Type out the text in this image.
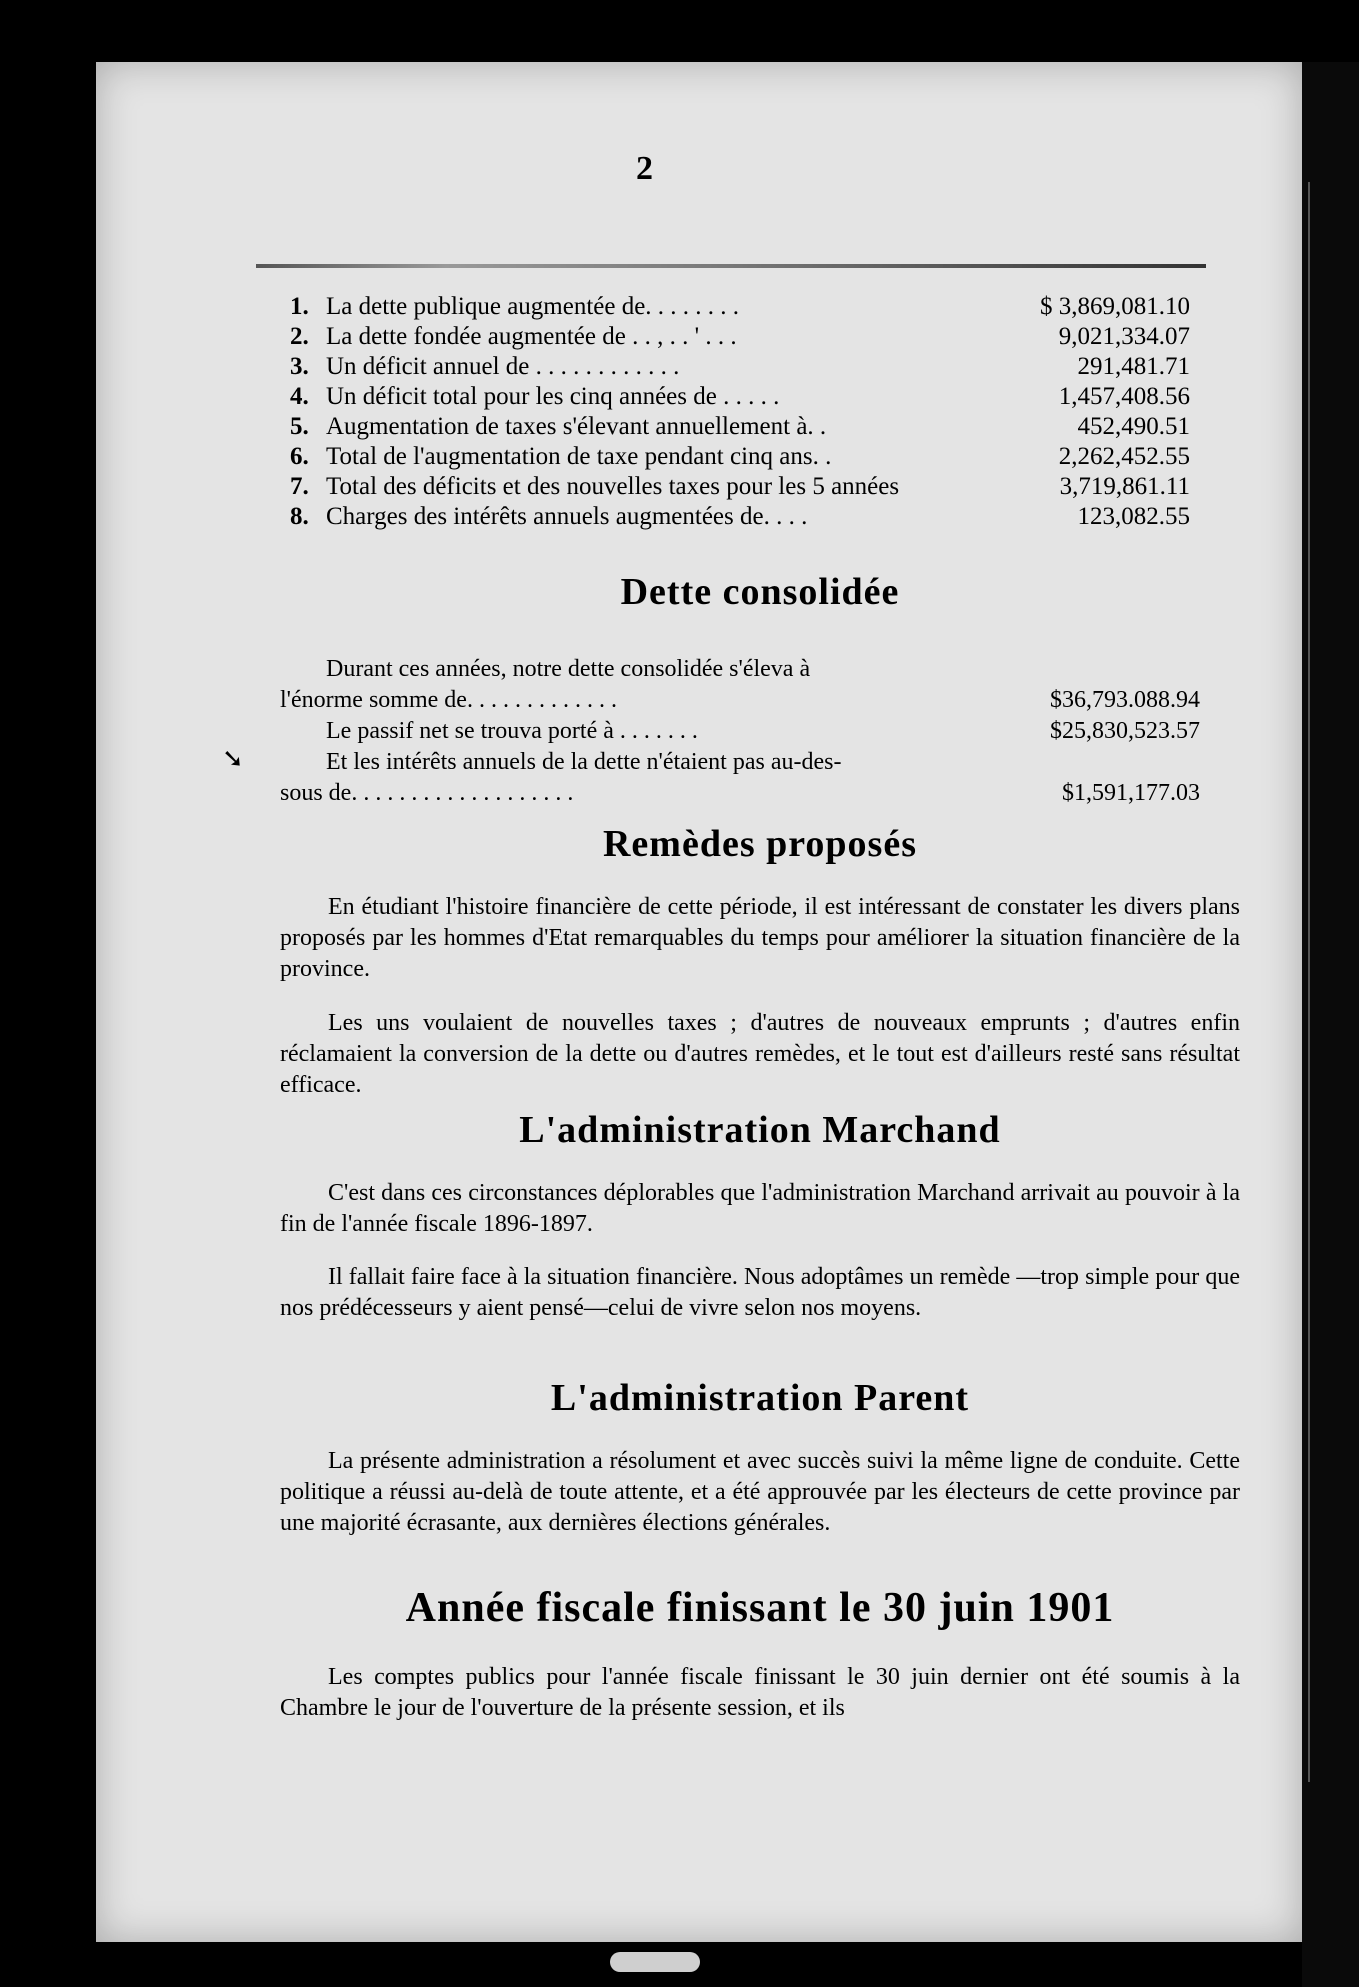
2
1. La dette publique augmentée de. . . . . . . .	$ 3,869,081.10
2. La dette fondée augmentée de . . , . . ' . . .	9,021,334.07
3. Un déficit annuel de . . . . . . . . . . . .	291,481.71
4. Un déficit total pour les cinq années de . . . . .	1,457,408.56
5. Augmentation de taxes s'élevant annuellement à. .	452,490.51
6. Total de l'augmentation de taxe pendant cinq ans. .	2,262,452.55
7. Total des déficits et des nouvelles taxes pour les 5 années	3,719,861.11
8. Charges des intérêts annuels augmentées de. . . .	123,082.55
Dette consolidée
Durant ces années, notre dette consolidée s'éleva à
l'énorme somme de. . . . . . . . . . . . .	$36,793.088.94
Le passif net se trouva porté à . . . . . . .	$25,830,523.57
Et les intérêts annuels de la dette n'étaient pas au-des-
sous de. . . . . . . . . . . . . . . . . . .	$1,591,177.03
➘
Remèdes proposés
En étudiant l'histoire financière de cette période, il est intéressant de constater les divers plans proposés par les hommes d'Etat remarquables du temps pour améliorer la situation financière de la province.
Les uns voulaient de nouvelles taxes ; d'autres de nouveaux emprunts ; d'autres enfin réclamaient la conversion de la dette ou d'autres remèdes, et le tout est d'ailleurs resté sans résultat efficace.
L'administration Marchand
C'est dans ces circonstances déplorables que l'administration Marchand arrivait au pouvoir à la fin de l'année fiscale 1896-1897.
Il fallait faire face à la situation financière. Nous adoptâmes un remède —trop simple pour que nos prédécesseurs y aient pensé—celui de vivre selon nos moyens.
L'administration Parent
La présente administration a résolument et avec succès suivi la même ligne de conduite. Cette politique a réussi au-delà de toute attente, et a été approuvée par les électeurs de cette province par une majorité écrasante, aux dernières élections générales.
Année fiscale finissant le 30 juin 1901
Les comptes publics pour l'année fiscale finissant le 30 juin dernier ont été soumis à la Chambre le jour de l'ouverture de la présente session, et ils
